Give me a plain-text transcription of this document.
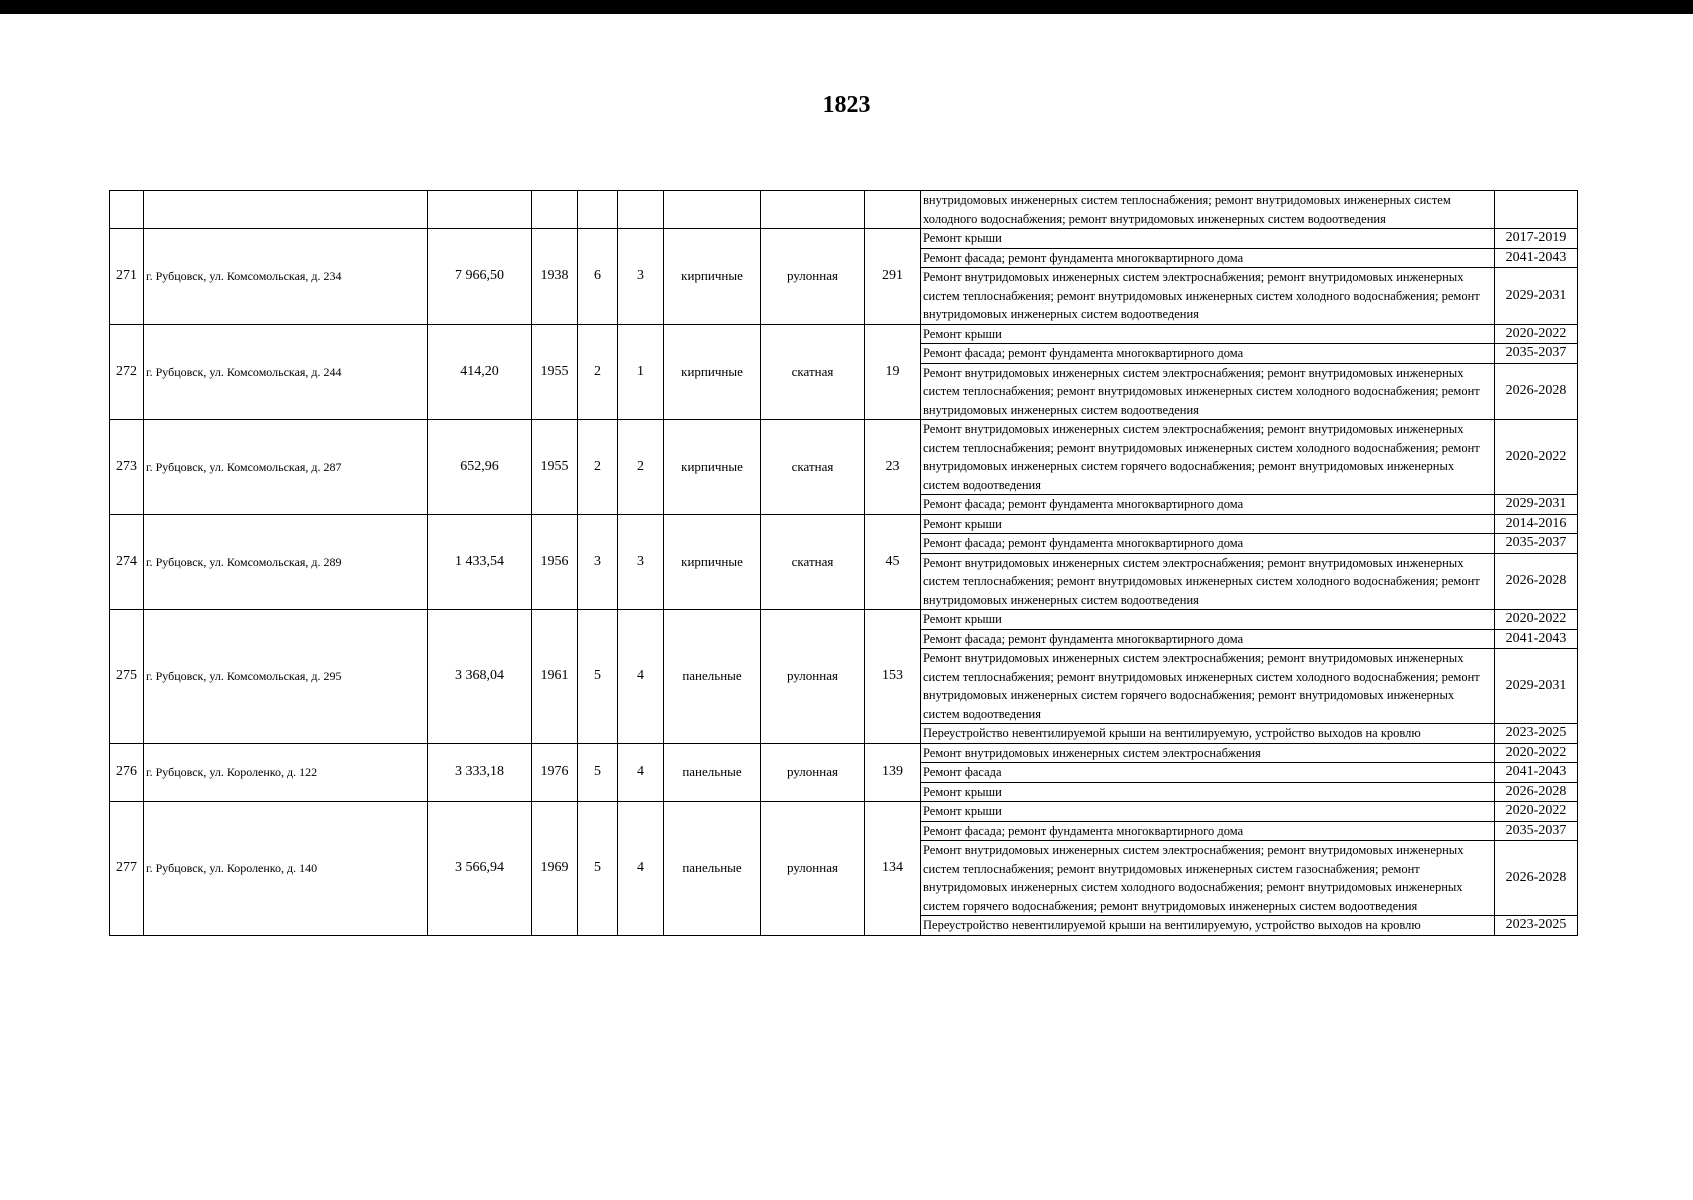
1823
									внутридомовых инженерных систем теплоснабжения; ремонт внутридомовых инженерных систем холодного водоснабжения; ремонт внутридомовых инженерных систем водоотведения	
271	г. Рубцовск, ул. Комсомольская, д. 234	7 966,50	1938	6	3	кирпичные	рулонная	291	Ремонт крыши	2017-2019
									Ремонт фасада; ремонт фундамента многоквартирного дома	2041-2043
									Ремонт внутридомовых инженерных систем электроснабжения; ремонт внутридомовых инженерных систем теплоснабжения; ремонт внутридомовых инженерных систем холодного водоснабжения; ремонт внутридомовых инженерных систем водоотведения	2029-2031
272	г. Рубцовск, ул. Комсомольская, д. 244	414,20	1955	2	1	кирпичные	скатная	19	Ремонт крыши	2020-2022
									Ремонт фасада; ремонт фундамента многоквартирного дома	2035-2037
									Ремонт внутридомовых инженерных систем электроснабжения; ремонт внутридомовых инженерных систем теплоснабжения; ремонт внутридомовых инженерных систем холодного водоснабжения; ремонт внутридомовых инженерных систем водоотведения	2026-2028
273	г. Рубцовск, ул. Комсомольская, д. 287	652,96	1955	2	2	кирпичные	скатная	23	Ремонт внутридомовых инженерных систем электроснабжения; ремонт внутридомовых инженерных систем теплоснабжения; ремонт внутридомовых инженерных систем холодного водоснабжения; ремонт внутридомовых инженерных систем горячего водоснабжения; ремонт внутридомовых инженерных систем водоотведения	2020-2022
									Ремонт фасада; ремонт фундамента многоквартирного дома	2029-2031
274	г. Рубцовск, ул. Комсомольская, д. 289	1 433,54	1956	3	3	кирпичные	скатная	45	Ремонт крыши	2014-2016
									Ремонт фасада; ремонт фундамента многоквартирного дома	2035-2037
									Ремонт внутридомовых инженерных систем электроснабжения; ремонт внутридомовых инженерных систем теплоснабжения; ремонт внутридомовых инженерных систем холодного водоснабжения; ремонт внутридомовых инженерных систем водоотведения	2026-2028
275	г. Рубцовск, ул. Комсомольская, д. 295	3 368,04	1961	5	4	панельные	рулонная	153	Ремонт крыши	2020-2022
									Ремонт фасада; ремонт фундамента многоквартирного дома	2041-2043
									Ремонт внутридомовых инженерных систем электроснабжения; ремонт внутридомовых инженерных систем теплоснабжения; ремонт внутридомовых инженерных систем холодного водоснабжения; ремонт внутридомовых инженерных систем горячего водоснабжения; ремонт внутридомовых инженерных систем водоотведения	2029-2031
									Переустройство невентилируемой крыши на вентилируемую, устройство выходов на кровлю	2023-2025
276	г. Рубцовск, ул. Короленко, д. 122	3 333,18	1976	5	4	панельные	рулонная	139	Ремонт внутридомовых инженерных систем электроснабжения	2020-2022
									Ремонт фасада	2041-2043
									Ремонт крыши	2026-2028
277	г. Рубцовск, ул. Короленко, д. 140	3 566,94	1969	5	4	панельные	рулонная	134	Ремонт крыши	2020-2022
									Ремонт фасада; ремонт фундамента многоквартирного дома	2035-2037
									Ремонт внутридомовых инженерных систем электроснабжения; ремонт внутридомовых инженерных систем теплоснабжения; ремонт внутридомовых инженерных систем газоснабжения; ремонт внутридомовых инженерных систем холодного водоснабжения; ремонт внутридомовых инженерных систем горячего водоснабжения; ремонт внутридомовых инженерных систем водоотведения	2026-2028
									Переустройство невентилируемой крыши на вентилируемую, устройство выходов на кровлю	2023-2025
